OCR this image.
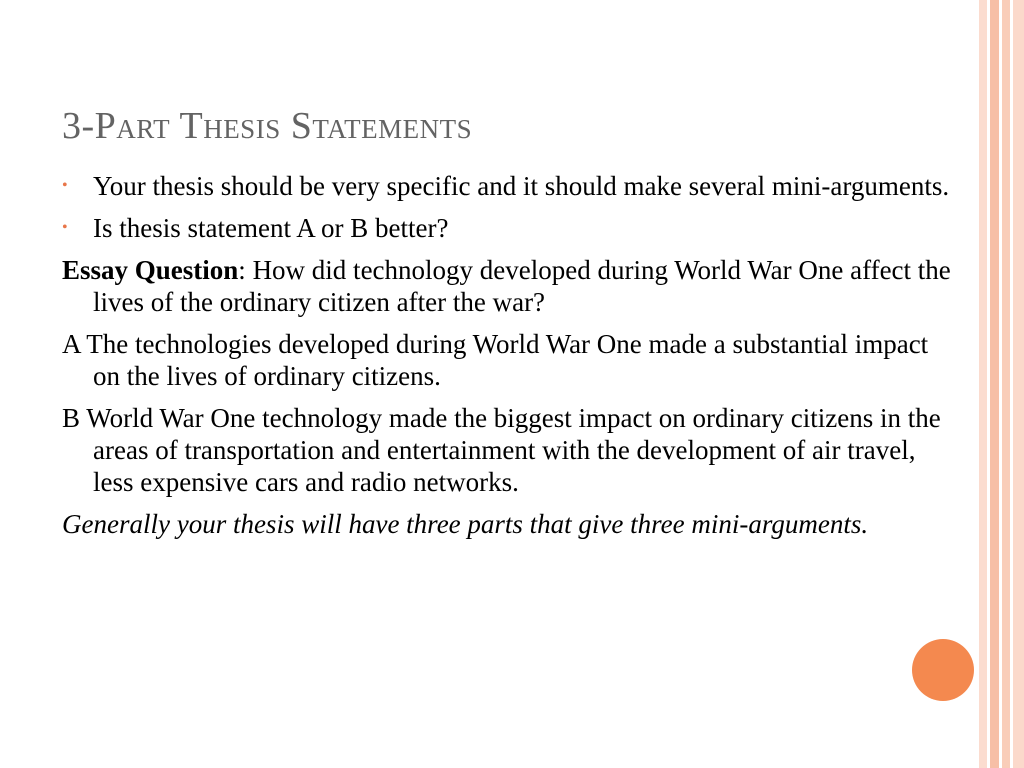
3-Part Thesis Statements
• Your thesis should be very specific and it should make several mini-arguments.
• Is thesis statement A or B better?
Essay Question: How did technology developed during World War One affect the lives of the ordinary citizen after the war?
A The technologies developed during World War One made a substantial impact on the lives of ordinary citizens.
B World War One technology made the biggest impact on ordinary citizens in the areas of transportation and entertainment with the development of air travel, less expensive cars and radio networks.
Generally your thesis will have three parts that give three mini-arguments.
